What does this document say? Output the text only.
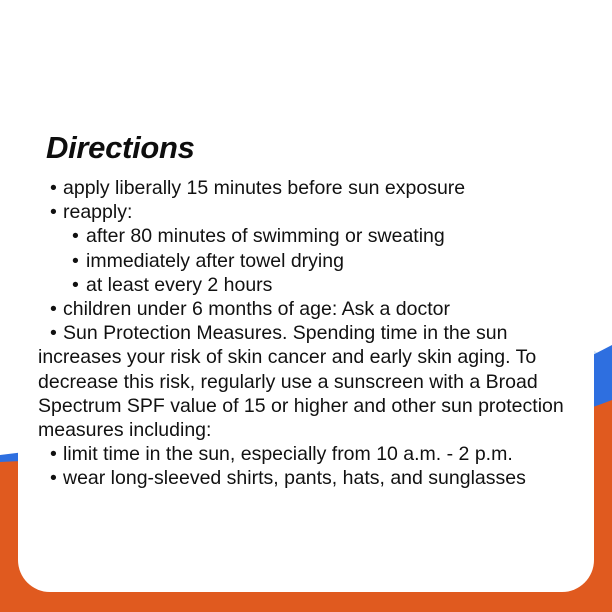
Directions
• apply liberally 15 minutes before sun exposure
• reapply:
• after 80 minutes of swimming or sweating
• immediately after towel drying
• at least every 2 hours
• children under 6 months of age: Ask a doctor
• Sun Protection Measures. Spending time in the sun increases your risk of skin cancer and early skin aging. To decrease this risk, regularly use a sunscreen with a Broad Spectrum SPF value of 15 or higher and other sun protection measures including:
• limit time in the sun, especially from 10 a.m. - 2 p.m.
• wear long-sleeved shirts, pants, hats, and sunglasses
